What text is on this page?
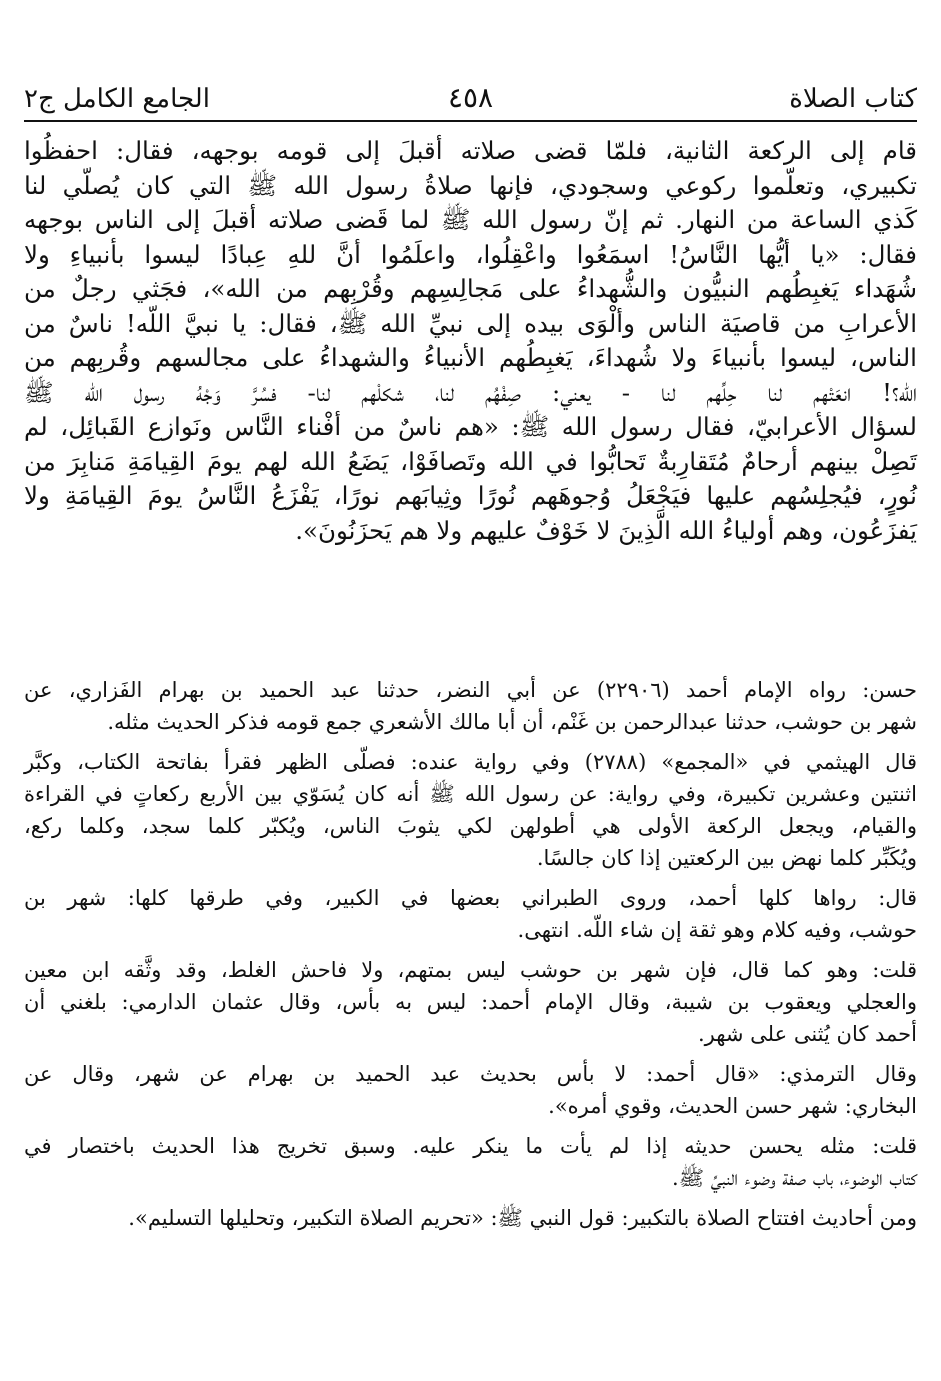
كتاب الصلاة
٤٥٨
الجامع الكامل ج٢

قام إلى الركعة الثانية، فلمّا قضى صلاته أقبلَ إلى قومه بوجهه، فقال: احفظُوا
تكبيري، وتعلّموا ركوعي وسجودي، فإنها صلاةُ رسول الله ﷺ التي كان يُصلّي لنا
كَذي الساعة من النهار. ثم إنّ رسول الله ﷺ لما قَضى صلاته أقبلَ إلى الناس بوجهه
فقال: «يا أيُّها النَّاسُ! اسمَعُوا واعْقِلُوا، واعلَمُوا أنَّ للهِ عِبادًا ليسوا بأنبياءِ ولا
شُهَداء يَغبِطُهم النبيُّون والشُّهداءُ على مَجالِسِهم وقُرْبِهم من الله»، فجَثي رجلٌ من
الأعرابِ من قاصيَة الناس وألْوَى بيده إلى نبيِّ الله ﷺ، فقال: يا نبيَّ اللّه! ناسٌ من
الناس، ليسوا بأنبياءَ ولا شُهداءَ، يَغبِطُهم الأنبياءُ والشهداءُ على مجالسهم وقُربِهم من
الله؟! انعَتْهم لنا حِلِّهم لنا - يعني: صِفْهُم لنا، شكلْهم لنا- فسُرَّ وَجْهُ رسول الله ﷺ
لسؤال الأعرابيّ، فقال رسول الله ﷺ: «هم ناسٌ من أفْناء النَّاس ونَوازع القَبائِل، لم
تَصِلْ بينهم أرحامٌ مُتَقارِبةٌ تَحابُّوا في الله وتَصافَوْا، يَضَعُ الله لهم يومَ القِيامَةِ مَنابِرَ من
نُورٍ، فيُجلِسُهم عليها فيَجْعَلُ وُجوهَهم نُورًا وثِيابَهم نورًا، يَفْزَعُ النَّاسُ يومَ القِيامَةِ ولا
يَفزَعُون، وهم أولياءُ الله الَّذِينَ لا خَوْفٌ عليهم ولا هم يَحزَنُونَ».

حسن: رواه الإمام أحمد (٢٢٩٠٦) عن أبي النضر، حدثنا عبد الحميد بن بهرام الفَزاري، عن
شهر بن حوشب، حدثنا عبدالرحمن بن غَنْم، أن أبا مالك الأشعري جمع قومه فذكر الحديث مثله.

قال الهيثمي في «المجمع» (٢٧٨٨) وفي رواية عنده: فصلّى الظهر فقرأ بفاتحة الكتاب، وكبَّر
اثنتين وعشرين تكبيرة، وفي رواية: عن رسول الله ﷺ أنه كان يُسَوّي بين الأربع ركعاتٍ في القراءة
والقيام، ويجعل الركعة الأولى هي أطولهن لكي يثوبَ الناس، ويُكبّر كلما سجد، وكلما ركع،
ويُكَبِّر كلما نهض بين الركعتين إذا كان جالسًا.

قال: رواها كلها أحمد، وروى الطبراني بعضها في الكبير، وفي طرقها كلها: شهر بن
حوشب، وفيه كلام وهو ثقة إن شاء اللّه. انتهى.

قلت: وهو كما قال، فإن شهر بن حوشب ليس بمتهم، ولا فاحش الغلط، وقد وثَّقه ابن معين
والعجلي ويعقوب بن شيبة، وقال الإمام أحمد: ليس به بأس، وقال عثمان الدارمي: بلغني أن
أحمد كان يُثنى على شهر.

وقال الترمذي: «قال أحمد: لا بأس بحديث عبد الحميد بن بهرام عن شهر، وقال عن
البخاري: شهر حسن الحديث، وقوي أمره».

قلت: مثله يحسن حديثه إذا لم يأت ما ينكر عليه. وسبق تخريج هذا الحديث باختصار في
كتاب الوضوء، باب صفة وضوء النبيِّ ﷺ.

ومن أحاديث افتتاح الصلاة بالتكبير: قول النبي ﷺ: «تحريم الصلاة التكبير، وتحليلها التسليم».
